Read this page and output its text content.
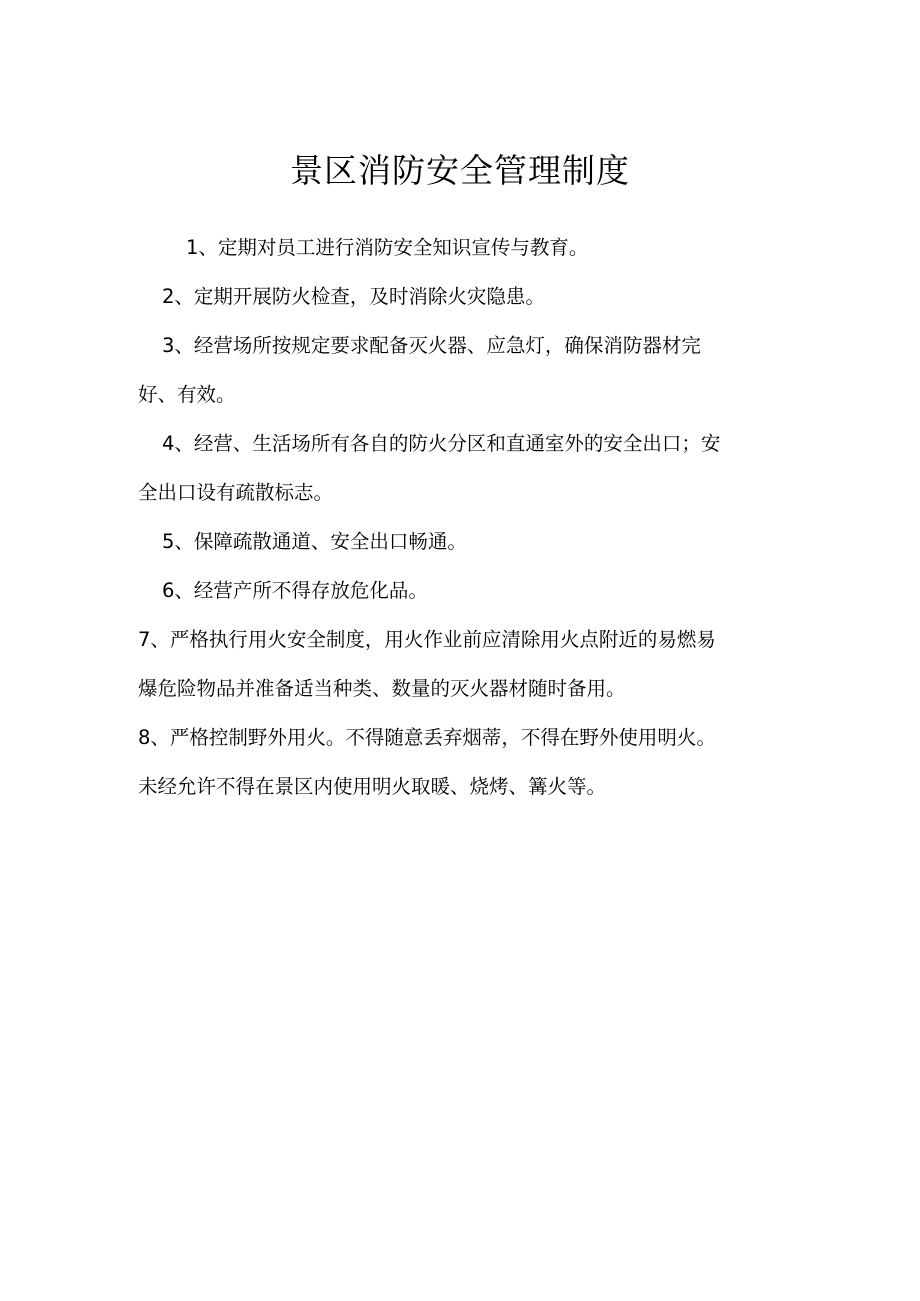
景区消防安全管理制度

1、定期对员工进行消防安全知识宣传与教育。

2、定期开展防火检查，及时消除火灾隐患。

3、经营场所按规定要求配备灭火器、应急灯，确保消防器材完

好、有效。

4、经营、生活场所有各自的防火分区和直通室外的安全出口；安

全出口设有疏散标志。

5、保障疏散通道、安全出口畅通。

6、经营产所不得存放危化品。

7、严格执行用火安全制度，用火作业前应清除用火点附近的易燃易

爆危险物品并准备适当种类、数量的灭火器材随时备用。

8、严格控制野外用火。不得随意丢弃烟蒂，不得在野外使用明火。

未经允许不得在景区内使用明火取暖、烧烤、篝火等。
